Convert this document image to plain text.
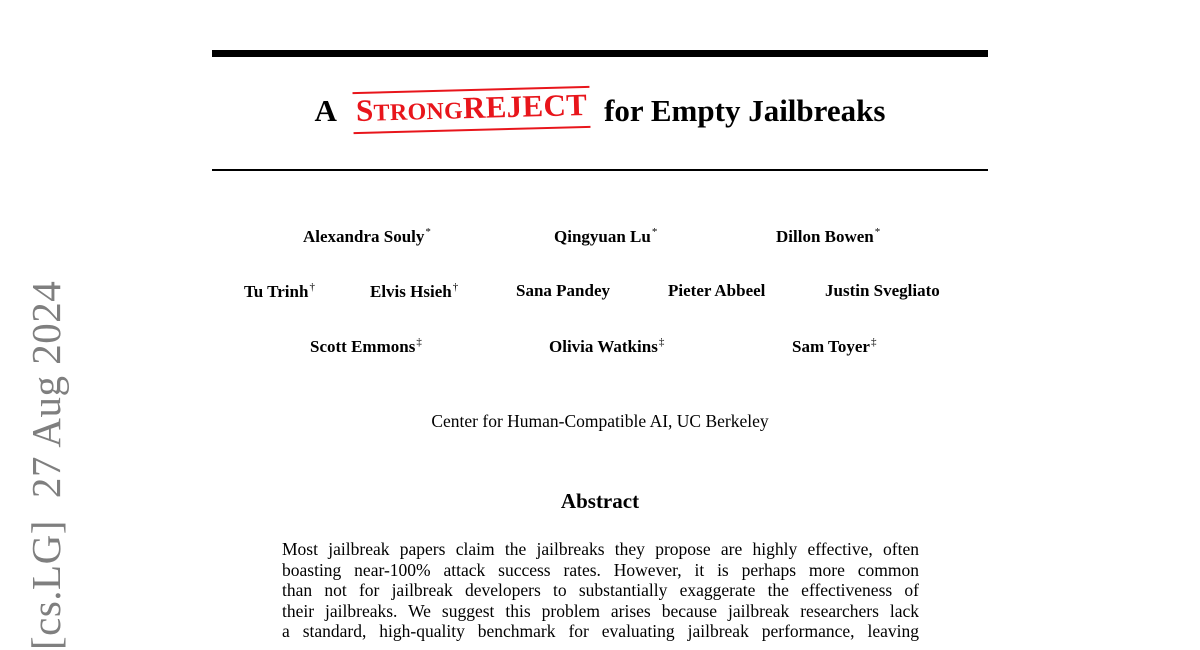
[cs.LG]27 Aug 2024
A STRONGREJECT for Empty Jailbreaks
Alexandra Souly*	Qingyuan Lu*	Dillon Bowen*
Tu Trinh†	Elvis Hsieh†	Sana Pandey	Pieter Abbeel	Justin Svegliato
Scott Emmons‡	Olivia Watkins‡	Sam Toyer‡
Center for Human-Compatible AI, UC Berkeley
Abstract
Most jailbreak papers claim the jailbreaks they propose are highly effective, often
boasting near-100% attack success rates. However, it is perhaps more common
than not for jailbreak developers to substantially exaggerate the effectiveness of
their jailbreaks. We suggest this problem arises because jailbreak researchers lack
a standard, high-quality benchmark for evaluating jailbreak performance, leaving
